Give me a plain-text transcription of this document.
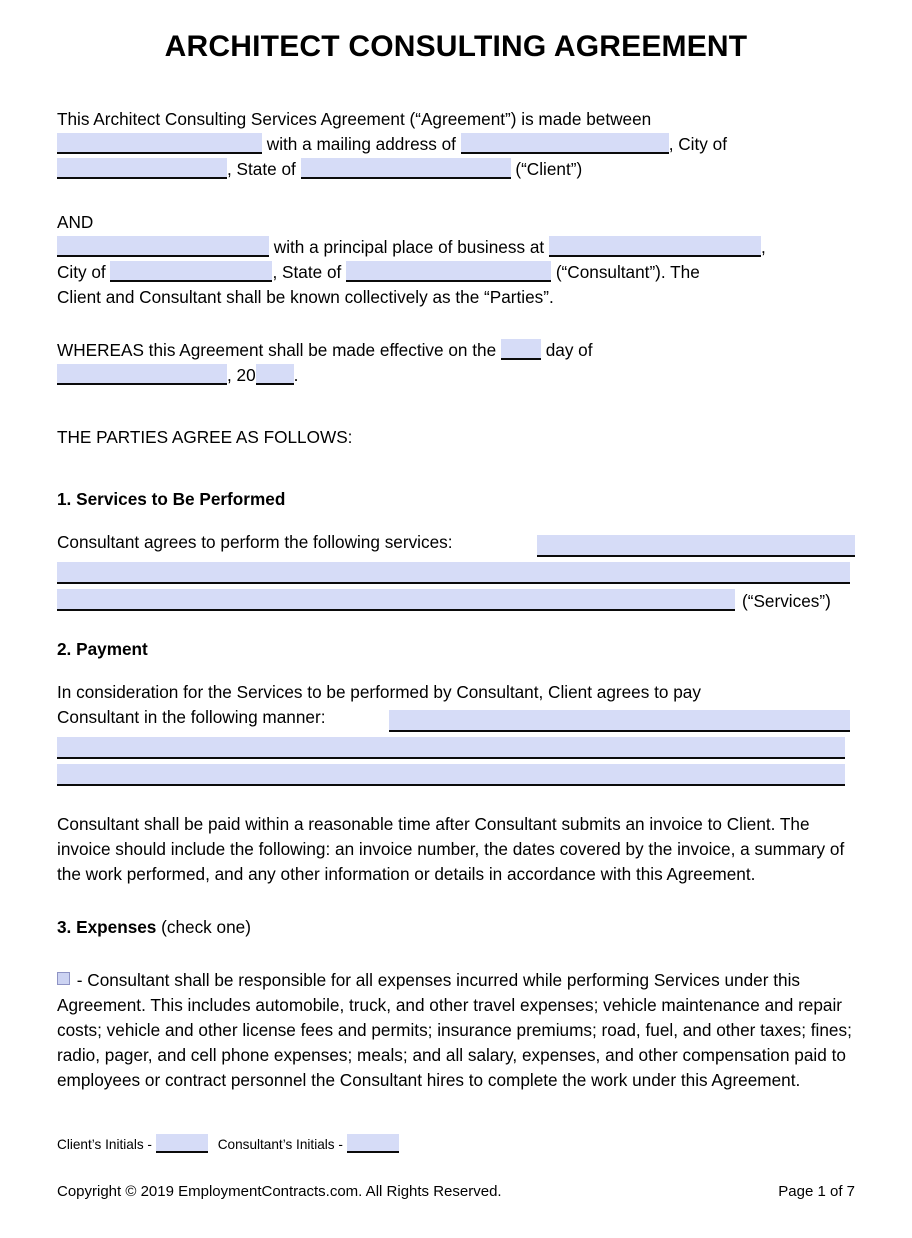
ARCHITECT CONSULTING AGREEMENT
This Architect Consulting Services Agreement (“Agreement”) is made between
with a mailing address of	, City of
, State of	(“Client”)
AND
with a principal place of business at	,
City of	, State of	(“Consultant”). The
Client and Consultant shall be known collectively as the “Parties”.
WHEREAS this Agreement shall be made effective on the  day of
, 20 .
THE PARTIES AGREE AS FOLLOWS:
1. Services to Be Performed
Consultant agrees to perform the following services:
(“Services”)
2. Payment
In consideration for the Services to be performed by Consultant, Client agrees to pay
Consultant in the following manner:
Consultant shall be paid within a reasonable time after Consultant submits an invoice to Client. The invoice should include the following: an invoice number, the dates covered by the invoice, a summary of the work performed, and any other information or details in accordance with this Agreement.
3. Expenses (check one)
- Consultant shall be responsible for all expenses incurred while performing Services under this Agreement. This includes automobile, truck, and other travel expenses; vehicle maintenance and repair costs; vehicle and other license fees and permits; insurance premiums; road, fuel, and other taxes; fines; radio, pager, and cell phone expenses; meals; and all salary, expenses, and other compensation paid to employees or contract personnel the Consultant hires to complete the work under this Agreement.
Client’s Initials -	Consultant’s Initials -
Copyright © 2019 EmploymentContracts.com. All Rights Reserved.	Page 1 of 7
